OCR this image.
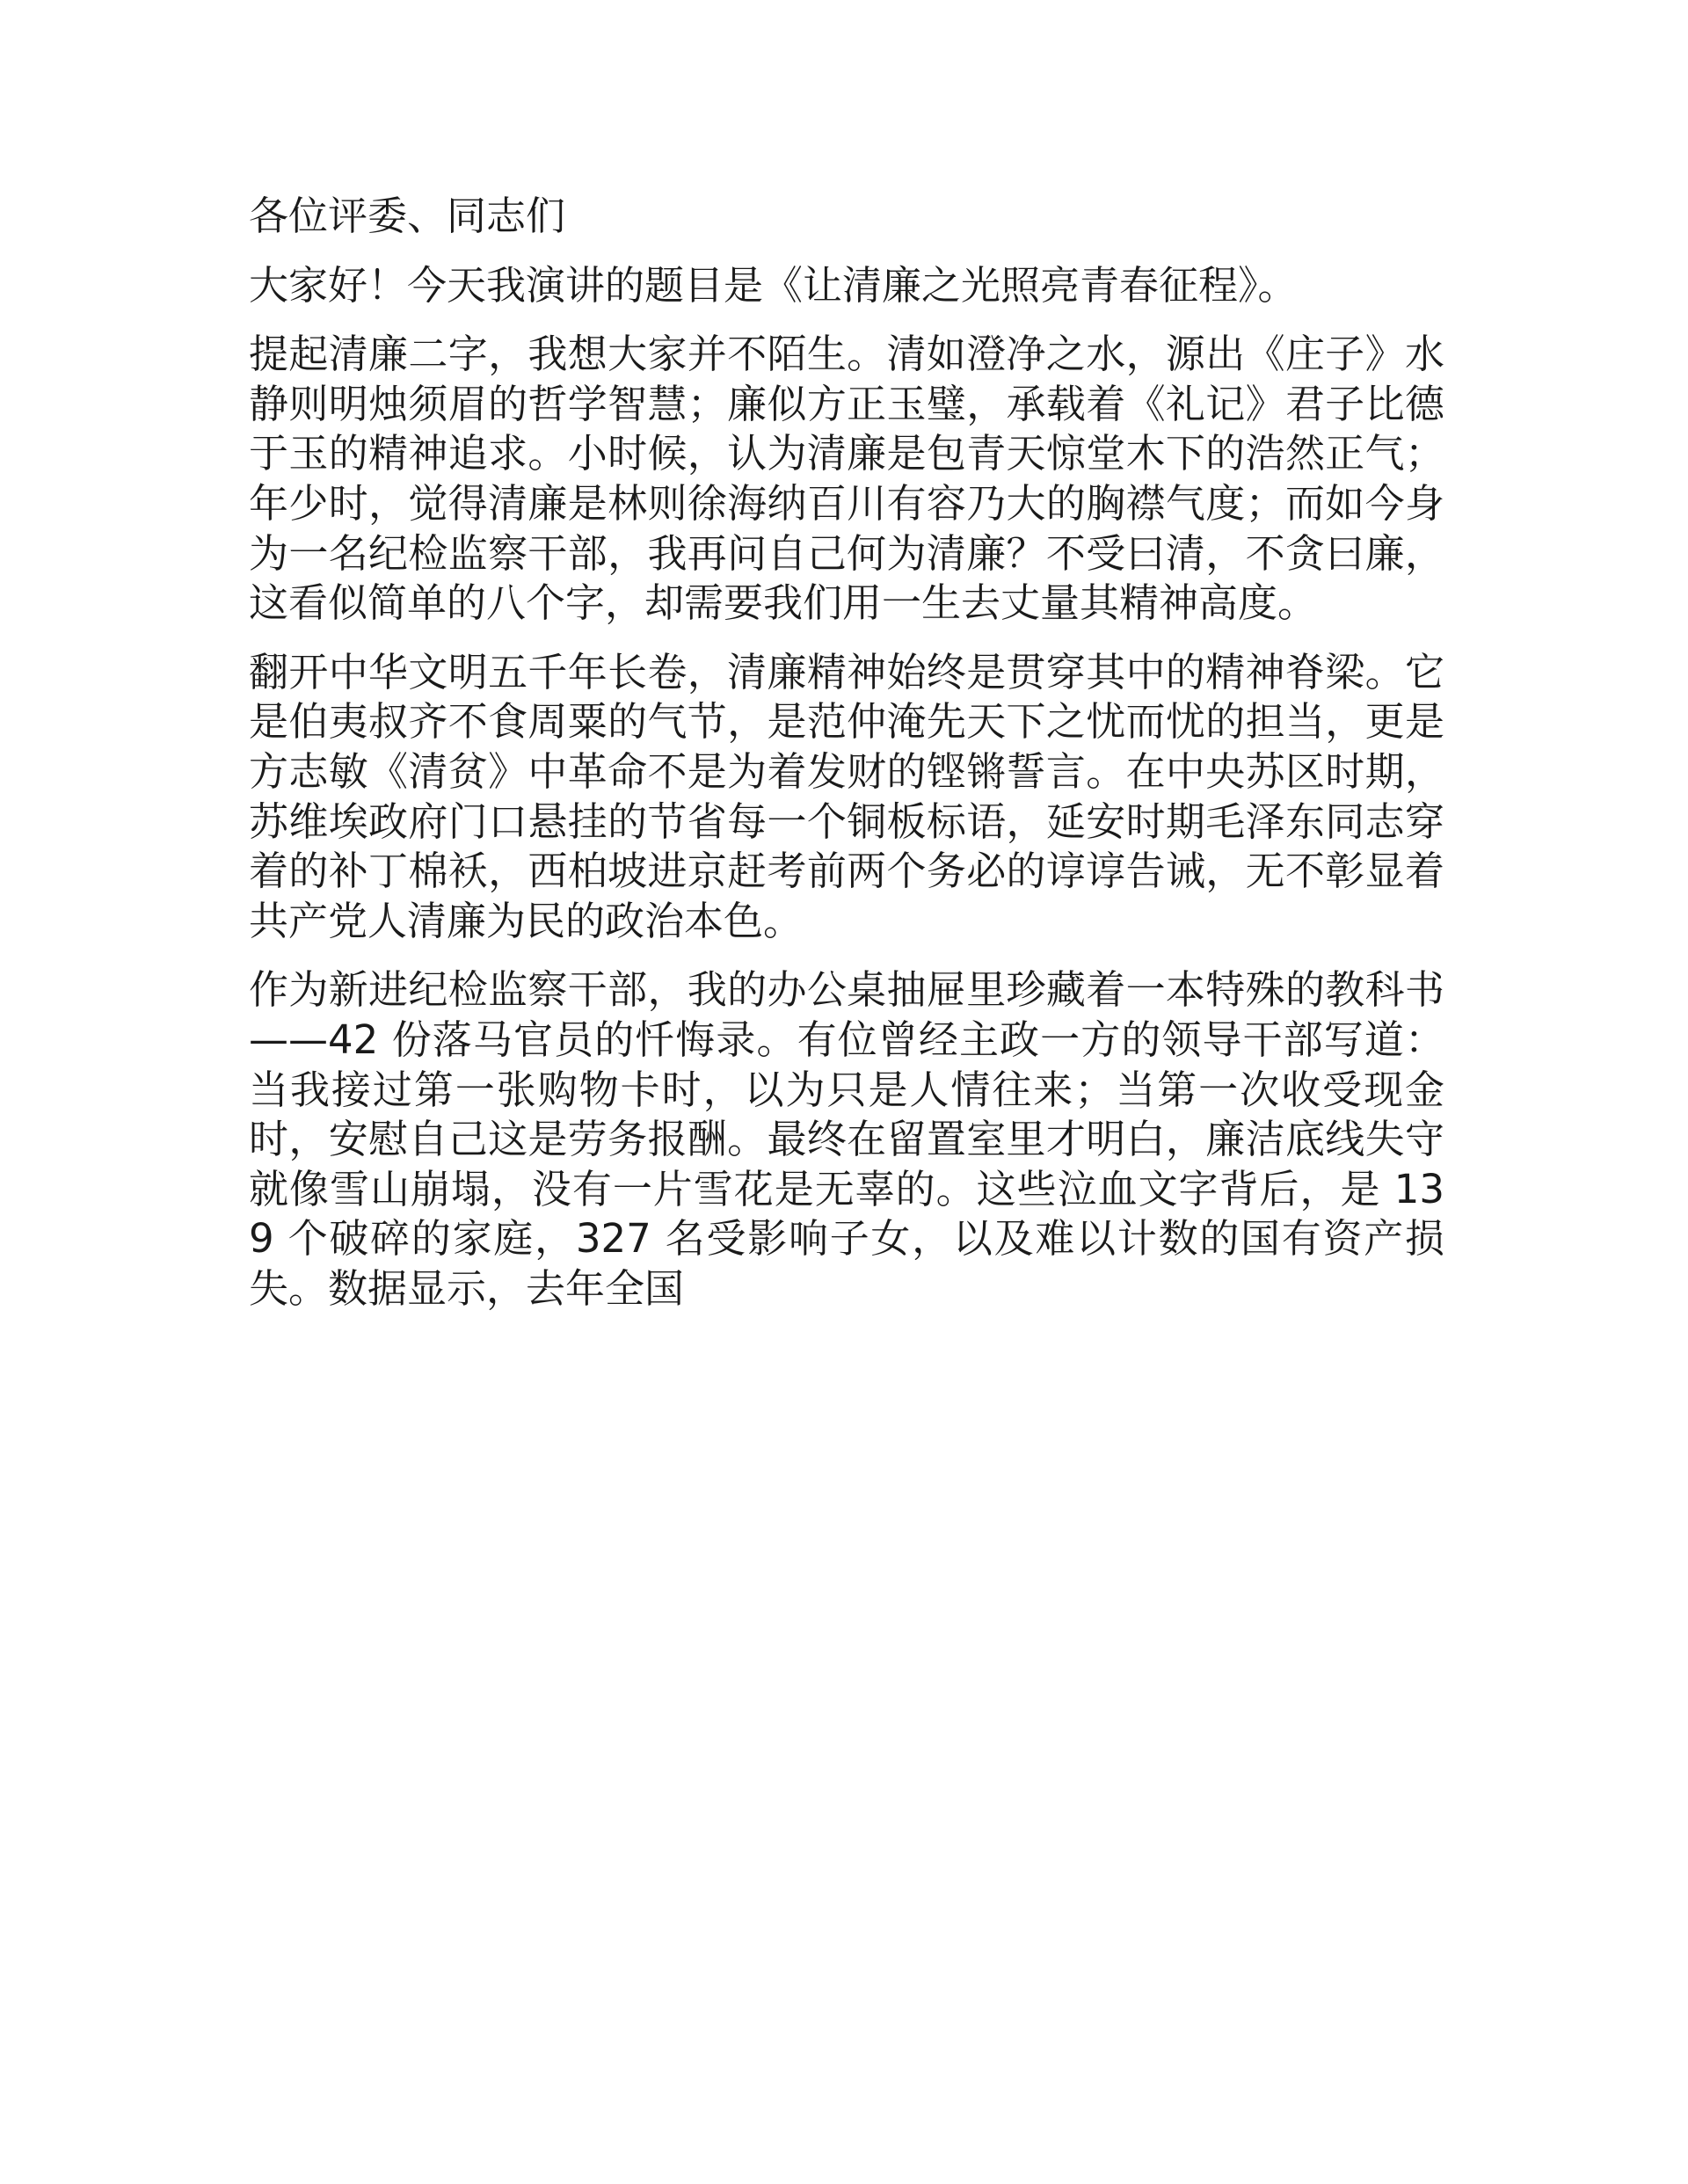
各位评委、同志们

大家好！今天我演讲的题目是《让清廉之光照亮青春征程》。

提起清廉二字，我想大家并不陌生。清如澄净之水，源出《庄子》水静则明烛须眉的哲学智慧；廉似方正玉璧，承载着《礼记》君子比德于玉的精神追求。小时候，认为清廉是包青天惊堂木下的浩然正气；年少时，觉得清廉是林则徐海纳百川有容乃大的胸襟气度；而如今身为一名纪检监察干部，我再问自己何为清廉？不受曰清，不贪曰廉，这看似简单的八个字，却需要我们用一生去丈量其精神高度。

翻开中华文明五千年长卷，清廉精神始终是贯穿其中的精神脊梁。它是伯夷叔齐不食周粟的气节，是范仲淹先天下之忧而忧的担当，更是方志敏《清贫》中革命不是为着发财的铿锵誓言。在中央苏区时期，苏维埃政府门口悬挂的节省每一个铜板标语，延安时期毛泽东同志穿着的补丁棉袄，西柏坡进京赶考前两个务必的谆谆告诫，无不彰显着共产党人清廉为民的政治本色。

作为新进纪检监察干部，我的办公桌抽屉里珍藏着一本特殊的教科书——42 份落马官员的忏悔录。有位曾经主政一方的领导干部写道：当我接过第一张购物卡时，以为只是人情往来；当第一次收受现金时，安慰自己这是劳务报酬。最终在留置室里才明白，廉洁底线失守就像雪山崩塌，没有一片雪花是无辜的。这些泣血文字背后，是 139 个破碎的家庭，327 名受影响子女，以及难以计数的国有资产损失。数据显示，去年全国
